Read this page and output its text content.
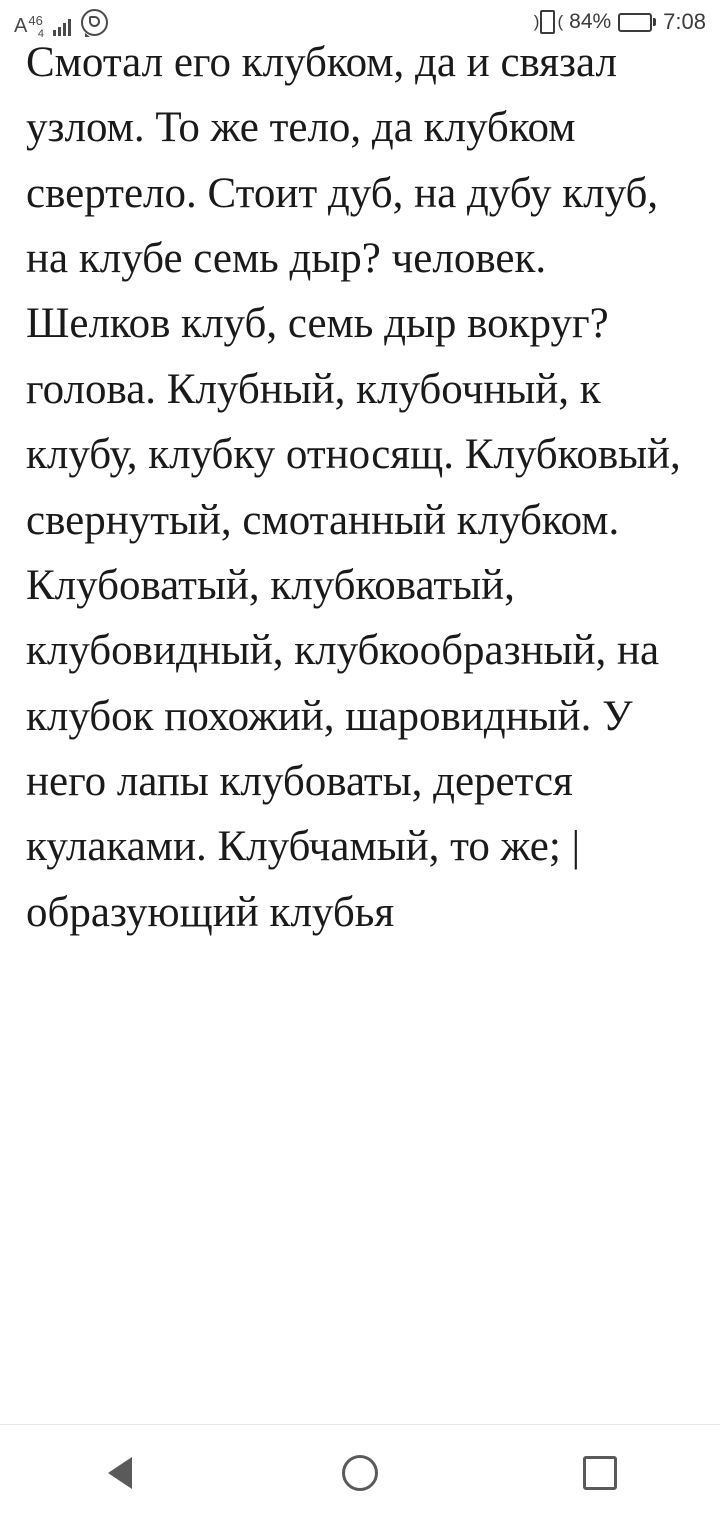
A 46
4
) ( 84% 7:08
Смотал его клубком, да и связал узлом. То же тело, да клубком свертело. Стоит дуб, на дубу клуб, на клубе семь дыр? человек. Шелков клуб, семь дыр вокруг? голова. Клубный, клубочный, к клубу, клубку относящ. Клубковый, свернутый, смотанный клубком. Клубоватый, клубковатый, клубовидный, клубкообразный, на клубок похожий, шаровидный. У него лапы клубоваты, дерется кулаками. Клубчамый, то же; | образующий клубья
